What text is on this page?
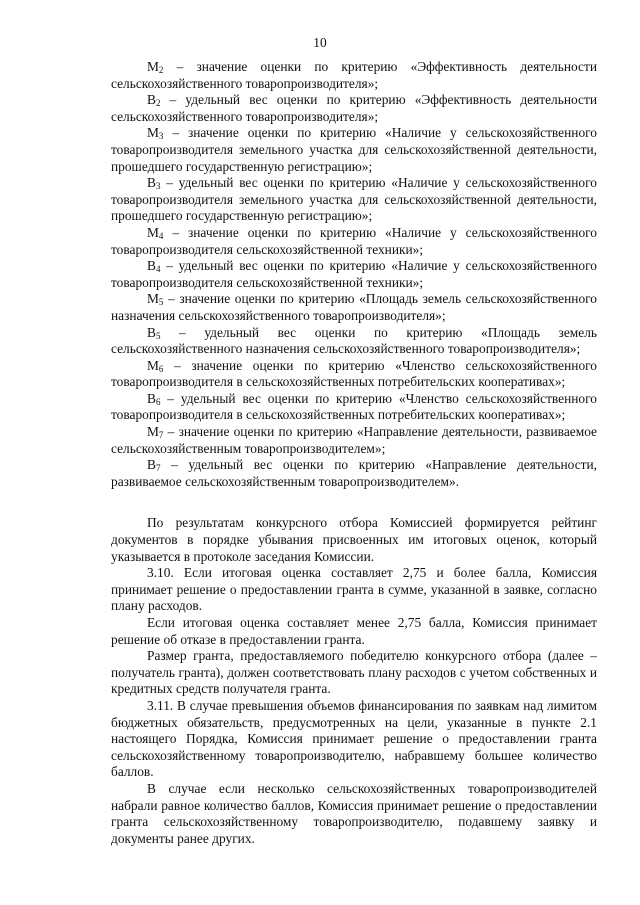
10

$M_2$ – значение оценки по критерию «Эффективность деятельности сельскохозяйственного товаропроизводителя»;

$B_2$ – удельный вес оценки по критерию «Эффективность деятельности сельскохозяйственного товаропроизводителя»;

$M_3$ – значение оценки по критерию «Наличие у сельскохозяйственного товаропроизводителя земельного участка для сельскохозяйственной деятельности, прошедшего государственную регистрацию»;

$B_3$ – удельный вес оценки по критерию «Наличие у сельскохозяйственного товаропроизводителя земельного участка для сельскохозяйственной деятельности, прошедшего государственную регистрацию»;

$M_4$ – значение оценки по критерию «Наличие у сельскохозяйственного товаропроизводителя сельскохозяйственной техники»;

$B_4$ – удельный вес оценки по критерию «Наличие у сельскохозяйственного товаропроизводителя сельскохозяйственной техники»;

$M_5$ – значение оценки по критерию «Площадь земель сельскохозяйственного назначения сельскохозяйственного товаропроизводителя»;

$B_5$ – удельный вес оценки по критерию «Площадь земель сельскохозяйственного назначения сельскохозяйственного товаропроизводителя»;

$M_6$ – значение оценки по критерию «Членство сельскохозяйственного товаропроизводителя в сельскохозяйственных потребительских кооперативах»;

$B_6$ – удельный вес оценки по критерию «Членство сельскохозяйственного товаропроизводителя в сельскохозяйственных потребительских кооперативах»;

$M_7$ – значение оценки по критерию «Направление деятельности, развиваемое сельскохозяйственным товаропроизводителем»;

$B_7$ – удельный вес оценки по критерию «Направление деятельности, развиваемое сельскохозяйственным товаропроизводителем».

По результатам конкурсного отбора Комиссией формируется рейтинг документов в порядке убывания присвоенных им итоговых оценок, который указывается в протоколе заседания Комиссии.

3.10. Если итоговая оценка составляет 2,75 и более балла, Комиссия принимает решение о предоставлении гранта в сумме, указанной в заявке, согласно плану расходов.

Если итоговая оценка составляет менее 2,75 балла, Комиссия принимает решение об отказе в предоставлении гранта.

Размер гранта, предоставляемого победителю конкурсного отбора (далее – получатель гранта), должен соответствовать плану расходов с учетом собственных и кредитных средств получателя гранта.

3.11. В случае превышения объемов финансирования по заявкам над лимитом бюджетных обязательств, предусмотренных на цели, указанные в пункте 2.1 настоящего Порядка, Комиссия принимает решение о предоставлении гранта сельскохозяйственному товаропроизводителю, набравшему большее количество баллов.

В случае если несколько сельскохозяйственных товаропроизводителей набрали равное количество баллов, Комиссия принимает решение о предоставлении гранта сельскохозяйственному товаропроизводителю, подавшему заявку и документы ранее других.
